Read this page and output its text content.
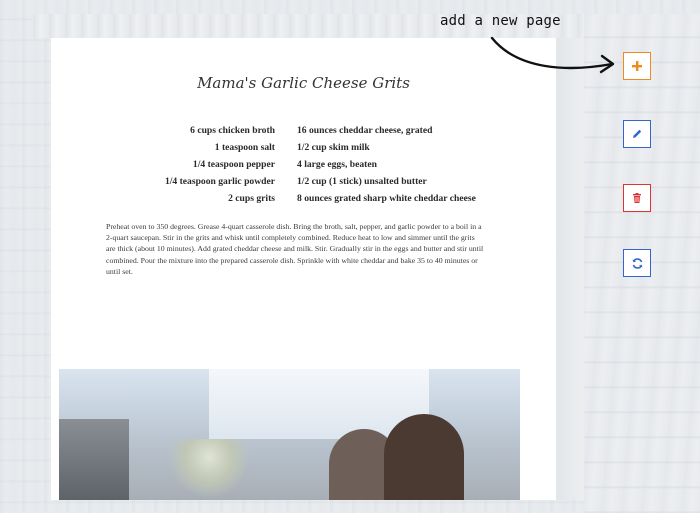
Mama's Garlic Cheese Grits
6 cups chicken broth
1 teaspoon salt
1/4 teaspoon pepper
1/4 teaspoon garlic powder
2 cups grits
16 ounces cheddar cheese, grated
1/2 cup skim milk
4 large eggs, beaten
1/2 cup (1 stick) unsalted butter
8 ounces grated sharp white cheddar cheese
Preheat oven to 350 degrees. Grease 4-quart casserole dish. Bring the broth, salt, pepper, and garlic powder to a boil in a 2-quart saucepan. Stir in the grits and whisk until completely combined. Reduce heat to low and simmer until the grits are thick (about 10 minutes). Add grated cheddar cheese and milk. Stir. Gradually stir in the eggs and butter and stir until combined. Pour the mixture into the prepared casserole dish. Sprinkle with white cheddar and bake 35 to 40 minutes or until set.
add a new page
